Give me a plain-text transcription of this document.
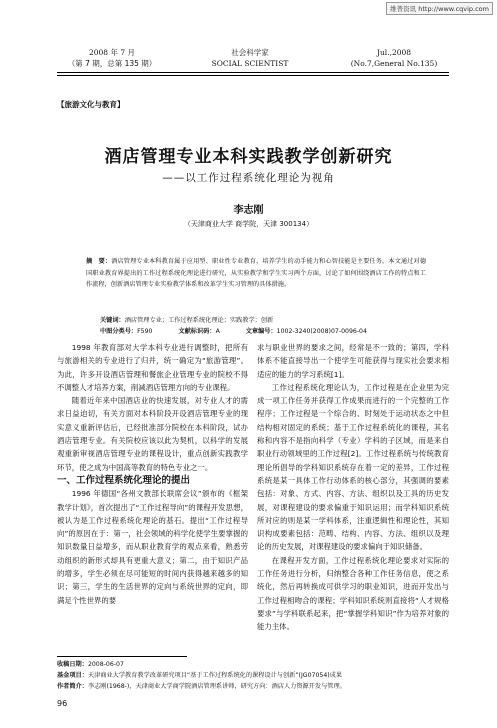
维普资讯 http://www.cqvip.com
2008 年 7 月
（第 7 期，总第 135 期）
社会科学家
SOCIAL SCIENTIST
Jul.,2008
(No.7,General No.135)
【旅游文化与教育】
酒店管理专业本科实践教学创新研究
——以工作过程系统化理论为视角
李志刚
（天津商业大学 商学院，天津 300134）
摘　要：酒店管理专业本科教育属于应用型、职业性专业教育，培养学生的动手能力和心智技能是主要任务。本文通过对德国职业教育界提出的工作过程系统化理论进行研究，从实验教学和学生实习两个方面，讨论了如何围绕酒店工作的特点和工作流程，创新酒店管理专业实验教学体系和改革学生实习管理的具体措施。
关键词：酒店管理专业；工作过程系统化理论；实践教学；创新
中图分类号：F590	文献标识码：A	文章编号：1002-3240(2008)07-0096-04

1998 年教育部对大学本科专业进行调整时，把所有与旅游相关的专业进行了归并，统一确定为“旅游管理”。为此，许多开设酒店管理和餐旅企业管理专业的院校不得不调整人才培养方案，削减酒店管理方向的专业课程。

随着近年来中国酒店业的快速发展，对专业人才的需求日益迫切，有关方面对本科阶段开设酒店管理专业的现实意义重新评估后，已经批准部分院校在本科阶段，试办酒店管理专业。有关院校应该以此为契机，以科学的发展观重新审视酒店管理专业的课程设计，重点创新实践教学环节，使之成为中国高等教育的特色专业之一。

一、工作过程系统化理论的提出

1996 年德国“各州文教部长联席会议”颁布的《框架教学计划》，首次提出了“工作过程导向”的课程开发思想，被认为是工作过程系统化理论的基石。提出“工作过程导向”的原因在于：第一，社会领域的科学化使学生要掌握的知识数量日益增多，而从职业教育学的观点来看，熟悉劳动组织的新形式却具有更重大意义；第二，由于知识产品的增多，学生必须在尽可能短的时间内获得越来越多的知识；第三，学生的生活世界的定向与系统世界的定向，即满足个性世界的要

求与职业世界的要求之间，经常是不一致的；第四，学科体系不能直接导出一个使学生可能获得与现实社会要求相适应的能力的学习系统[1]。

工作过程系统化理论认为，工作过程是在企业里为完成一项工作任务并获得工作成果而进行的一个完整的工作程序；工作过程是一个综合的、时刻处于运动状态之中但结构相对固定的系统；基于工作过程系统化的课程，其名称和内容不是指向科学（专业）学科的子区域，而是来自职业行动领域里的工作过程[2]。工作过程系统与传统教育理论所倡导的学科知识系统存在着一定的差异，工作过程系统是某一具体工作行动体系的核心部分，其强调的要素包括：对象、方式、内容、方法、组织以及工具的历史发展，对课程建设的要求偏重于知识运用；而学科知识系统所对应的则是某一学科体系，注重逻辑性和理论性，其知识构成要素包括：范畴、结构、内容、方法、组织以及理论的历史发展，对课程建设的要求偏向于知识储备。

在课程开发方面，工作过程系统化理论要求对实际的工作任务进行分析，归纳整合各种工作任务信息，使之系统化，然后再转换成可供学习的职业知识，进而开发出与工作过程相吻合的课程；学科知识系统则直接将“人才规格要求”与学科联系起来，把“掌握学科知识”作为培养对象的能力主体。

收稿日期：2008-06-07
基金项目：天津商业大学教育教学改革研究项目“基于工作过程系统化的课程设计与创新”(JG07054)成果
作者简介：李志刚(1968-)，天津商业大学商学院酒店管理系讲师，研究方向：酒店人力资源开发与管理。
96
